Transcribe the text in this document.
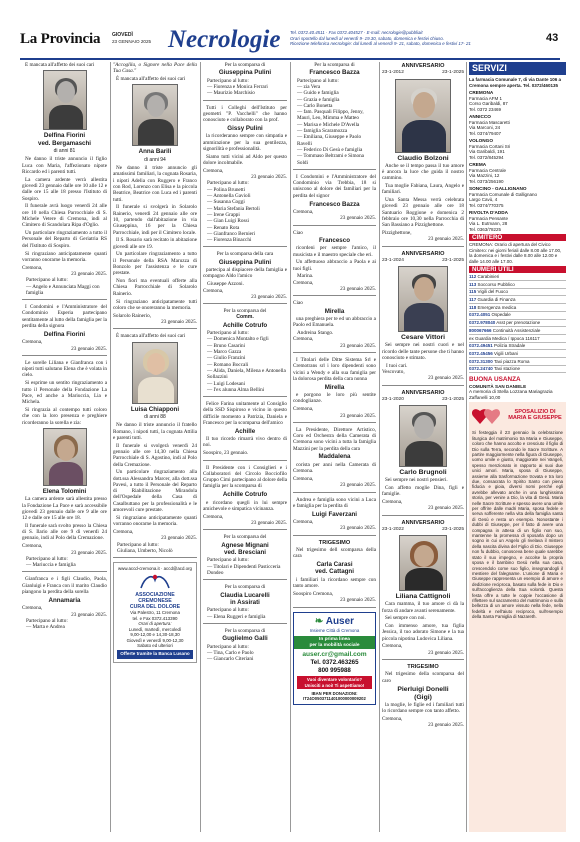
La Provincia GIOVEDÌ
23 GENNAIO 2025 Necrologie Tel. 0372.40.4511 · Fax 0372.404527 · E-mail: necrologie@pubbliait
Orari sportello dal lunedì al venerdì 9- 19.30, sabato, domenica e festivi chiuso.
Ricezione telefonica necrologie: dal lunedì al venerdì 9- 21, sabato, domenica e festivi 17- 21	43

È mancata all'affetto dei suoi cari

Delfina Fiorini
ved. Bergamaschi
di anni 81

Ne danno il triste annuncio il figlio Luca con Maria, l'affezionato nipote Riccardo ed i parenti tutti.

La camera ardente verrà allestita giovedì 23 gennaio dalle ore 10 alle 12 e dalle ore 15 alle 18 presso l'Istituto di Sospiro.

Il funerale avrà luogo venerdì 24 alle ore 10 nella Chiesa Parrocchiale di S. Michele Vetere di Cremona, indi al Cimitero di Scandolara Ripa d'Oglio.

Un particolare ringraziamento a tutto il Personale del Reparto di Geriatria RS del l'Istituto di Sospiro.

Si ringraziano anticipatamente quanti vorranno onorarne la memoria.

Cremona,
23 gennaio 2025.
Partecipano al lutto:
— Angelo e Annunciata Maggi con famiglia

I Condomini e l'Amministratore del Condominio Esperia partecipano sentitamente al lutto della famiglia per la perdita della signora

Delfina Fiorini
Cremona,
23 gennaio 2025.

Le sorelle Liliana e Gianfranca con i nipoti tutti salutano Elena che è volata in cielo.

Si esprime un sentito ringraziamento a tutto il Personale della Fondazione La Pace, ed anche a Mariuccia, Lia e Michela.

Si ringrazia al contempo tutti coloro che con la loro presenza e preghiere ricorderanno la sorella e zia:

Elena Tolomini

La camera ardente sarà allestita presso la Fondazione La Pace e sarà accessibile giovedì 23 gennaio dalle ore 9 alle ore 12 e dalle ore 15 alle ore 18.

Il funerale sarà svolto presso la Chiesa di S. Ilario alle ore 9 di venerdì 24 gennaio, indi al Polo della Cremazione.

Cremona,
23 gennaio 2025.
Partecipano al lutto:
— Mariuccia e famiglia

Gianfranca e i figli Claudio, Paola, Gianluigi e Franca con il marito Claudio piangono la perdita della sorella

Annamaria
Cremona,
23 gennaio 2025.
Partecipano al lutto:
— Marta e Andrea

"Accoglila, o Signore nella Pace della Tua Casa."

È mancata all'affetto dei suoi cari

Anna Barili
di anni 94

Ne danno il triste annuncio gli amatissimi familiari, la cognata Rosaria, i nipoti Adelia con Ruggero e Franco con Rod, Lorenzo con Elisa e la piccola Beatrice, Beatrice con Luca ed i parenti tutti.

Il funerale si svolgerà in Solarolo Rainerio, venerdì 24 gennaio alle ore 10, partendo dall'abitazione in via Giuseppina, 16 per la Chiesa Parrocchiale, indi per il Cimitero locale.

Il S. Rosario sarà recitato in abitazione giovedì alle ore 19.

Un particolare ringraziamento a tutto il Personale della RSA Maruzza di Bonzolo per l'assistenza e le cure prestate.

Non fiori ma eventuali offerte alla Chiesa Parrocchiale di Solarolo Rainerio.

Si ringraziano anticipatamente tutti coloro che se onoreranno la memoria.

Solarolo Rainerio,
23 gennaio 2025.

È mancata all'affetto dei suoi cari

Luisa Chiapponi
di anni 88

Ne danno il triste annuncio il fratello Romano, i nipoti tutti, la cognata Attilia e parenti tutti.

Il funerale si svolgerà venerdì 24 gennaio alle ore 14,30 nella Chiesa Parrocchiale di S. Agostino, indi al Polo della Cremazione.

Un particolare ringraziamento alla dott.ssa Alessandra Marcer, alla dott.ssa Pavesi, a tutto il Personale del Reparto di Riabilitazione Mirandola dell'Ospedale della Casa di Casalbuttano per la professionalità e le amorevoli cure prestate.

Si ringraziano anticipatamente quanti vorranno onorarne la memoria.

Cremona,
23 gennaio 2025.
Partecipano al lutto:
Giuliana, Umberto, Nicolò
www.accd-cremona.it · accd@acd.org
ASSOCIAZIONE
CREMONESE
CURA DEL DOLORE
Via Palestro, 11 Cremona
tel. e Fax 0372.413390
Orari di apertura:
Lunedì, martedì, mercoledì
9,00-12,00 e 14,30-18,30
Giovedì e venerdì 9,00-12,30
Sabato ed ulteriori
Offerte tramite la Banca Lusano
Per la scomparsa di
Giuseppina Pulini
Partecipano al lutto:
— Fiorenza e Monica Ferrari
— Maurizio Marchisio

Tutti i Colleghi dell'Istituto per geometri "P. Vacchelli" che hanno conosciuto e collaborato con la prof.

Gissy Pulini

la ricorderanno sempre con simpatia e ammirazione per la sua gentilezza, signorilità e professionalità.

Siamo tutti vicini ad Aldo per questo dolore incolmabile.

Cremona,
23 gennaio 2025.
Partecipano al lutto:
— Polina Brunetti
— Antonella Gavioli
— Susanna Coggi
— Maria Stefania Bertoli
— Irene Grappi
— Gian Luigi Rossi
— Renato Rota
— Gianfranco Bernieri
— Fiorenza Binacchi
Per la scomparsa della cara
Giuseppina Pulini

partecipa al dispiacere della famiglia e compagno Aldo l'amico

Giuseppe Azzoni.
Cremona,
23 gennaio 2025.
Per la scomparsa del
Comm.
Achille Cotrufo
Partecipano al lutto:
— Domenica Montalto e figli
— Bruno Casarini
— Marco Gazza
— Giulio Franzini
— Romano Boccali
— Alida, Daniela, Milena e Antonella Sollazzini
— Luigi Lodesani
— I'ex alunna Alma Bellini

Felice Farina unitamente al Consiglio della SSD Sispiroso e vicino in questo difficile momento a Patrizia, Daniela e Francesco per la scomparsa dell'amico

Achille

Il tuo ricordo rimarrà vivo dentro di noi.

Soospiro, 23 gennaio.

Il Presidente con i Consiglieri e i Collaboratori del Circolo Bocciofilo Gruppo Cimi partecipano al dolore della famiglia per la scomparsa di

Achille Cotrufo

e ricordano quegli in lui sempre amichevole e simpatica vicinanza.

Cremona,
23 gennaio 2025.
Per la scomparsa del
Agnese Mignani
ved. Bresciani
Partecipano al lutto:
— Titolari e Dipendenti Pasticceria Dondeo
Per la scomparsa di
Claudia Lucarelli
in Assirati
Partecipano al lutto:
— Elena Ruggeri e famiglia
Per la scomparsa di
Guglielmo Galli
Partecipano al lutto:
— Tina, Carlo e Paolo
— Giancarlo Citeriani
Per la scomparsa di
Francesco Bazza
Partecipano al lutto:
— zia Vera
— Guido e famiglia
— Grazia e famiglia
— Carlo Bonetta
— fam. Pasquali Filippo, Jenny, Mauri, Leo, Mimma e Matteo
— Marisa e Michele D'Avella
— famiglia Scaramozza
— Emiliana, Giuseppe e Paolo Ravelli
— Federico Di Gesù e famiglia
— Tommaso Beltrami e Simona Soldi

I Condomini e l'Amministratore del Condominio via Trebbia, 18 si uniscono al dolore dei familiari per la perdita del signor

Francesco Bazza
Cremona,
23 gennaio 2025.
Ciao
Francesco

ricordeni per sempre l'amico, il musicista e il maestro speciale che eri.

Un affettuoso abbraccio a Paola e ai tuoi figli.

Marina.
Cremona,
23 gennaio 2025.
Ciao
Mirella

una preghiera per te ed un abbraccio a Paolo ed Emanuela.

Andreina Stango.
Cremona,
23 gennaio 2025.

I Titolari delle Ditte Sistema Srl e Cremotrans srl i loro dipendenti sono vicini a Wendy e alla sua famiglia per la dolorosa perdita della cara nonna

Mirella

e porgono le loro più sentite condoglianze.

Cremona,
23 gennaio 2025.

La Presidente, Direttore Artistico, Coro ed Orchestra della Camerata di Cremona sono vicini a tutta la famiglia Mazzini per la perdita della cara

Maddalena

corista per anni nella Camerata di Cremona.

Cremona,
23 gennaio 2025.

Andrea e famiglia sono vicini a Luca e famiglia per la perdita di

Luigi Faverzani
Cremona,
23 gennaio 2025.
TRIGESIMO

Nel trigesimo dell scomparsa della cara

Carla Carasi
ved. Cattagni

i familiari la ricordano sempre con tanto amore.

Soospiro Cremona,
23 gennaio 2025.
❧ Auser
Insieme Città di Cremona
In prima linea
per la mobilità sociale
auser.cr@gmail.com
Tel. 0372.463265
800 995988
Vuoi diventare volontario?
Unisciti a noi! Ti aspettiamo!
IBAN PER DONAZIONI:
IT24O0503711401000000009202
ANNIVERSARIO
23-1-2012	23-1-2025
Claudio Bolzoni

Anche se il tempo passa il tuo amore è ancora la luce che guida il nostro cammino.

Tua moglie Fabiana, Laura, Angelo e familiari.

Una Santa Messa verrà celebrata giovedì 23 gennaio alle ore 18 Santuario Roggione e domenica 2 febbraio ore 10,30 nella Parrocchia di San Bassiano a Pizzighettone.

Pizzighettone,
23 gennaio 2025.
ANNIVERSARIO
23-1-2024	23-1-2025
Cesare Vittori

Sei sempre nei nostri cuori e nel ricordo delle tante persone che ti hanno conosciuto e stimato.

I tuoi cari.
Vescovato,
23 gennaio 2025.
ANNIVERSARIO
23-1-2020	23-1-2025
Carlo Brugnoli

Sei sempre nei nostri pensieri.

Con affetto moglie Dina, figli e famiglie.

Cremona,
23 gennaio 2025.
ANNIVERSARIO
23-1-2022	23-1-2025
Liliana Cattignoli

Cara mamma, il tuo amore ci dà la forza di andare avanti serenamente.

Sei sempre con noi.

Con immenso amore, tua figlia Jessica, il tuo adorato Simone e la tua piccola nipotina Ludovica Liliana.

Cremona,
23 gennaio 2025.
TRIGESIMO

Nel trigesimo della scomparsa del caro

Pierluigi Donelli
(Gigi)

la moglie, le figlie ed i familiari tutti lo ricordano sempre con tanto affetto.

Cremona,
23 gennaio 2025.
SERVIZI
La farmacia Comunale 7, di via Dante 106 a Cremona sempre aperta. Tel. 0372/460135
CREMONA
Farmacia AFM 1
Corso Garibaldi, 87
Tel. 0372 23469
ANNICCO
Farmacia Mascaretti
Via Marconi, 24
Tel. 0374/79407
VOLONGO
Farmacia Cortani Sri
Via Garibaldi, 191
Tel. 0372/845294
CREMA
Farmacia Centrale
Via Mazzini, 12
Tel. 0373/256190
SONCINO - GALLIGNANO
Farmacia Comunale di Gallignano
Largo Cavù, 4
Tel. 0374/770375
RIVOLTA D'ADDA
Farmacia Pensante
Via L. Eutmann, 28
Tel. 0363/78225
CIMITERO
CREMONA: Orario di apertura del Civico Cimitero: nei giorni feriali dalle 8.00 alle 17.00, la domenica e i festivi dalle 8.00 alle 12.00 e dalle 14.00 alle 17.00.
NUMERI UTILI
112 Carabinieri
113 Soccorso Pubblico
115 Vigili del Fuoco
117 Guardia di Finanza
118 Emergenza medica
0372.4051 Ospedale
0372.978040 Asst per prenotazione
800067666 Continuità Assistenziale
ex Guardia Medica / Ippoca 116117
0372.49451 Polizia Stradale
0372.45456 Vigili Urbani
0372.31300 Taxi piazza Roma
0372.24740 Taxi stazione
BUONA USANZA
COMUNITÀ SAN DANIELE
A memoria di Stella Lozzana Mariagrazia Zaffanelli 10,00
SPOSALIZIO DI MARIA E GIUSEPPE
Si festeggia il 23 gennaio la celebrazione liturgica del matrimonio tra Maria e Giuseppe, coloro che hanno accolto e cresciuto il figlio di Dio sulla Terra, secondo le Sacre Scritture. A partire maggiormente nella figura di Giuseppe, uomo umile e giusto, maggiorate nei Vangeli, spesso menzionato in rapporto ai suoi due unici amori. Maria, sposa di Giuseppe, assieme alla trasformazione trovata e tra loro due, consacrata lo Spirito Santo con piena fiducia e gioia, diversi nomi perché egli avrebbe allevato anche in una lunghissima storia, per venire a Dio, la vita di Gesù. Maria nelle Sacre Scritture e spesso avere una umile per offrire dalle madri Maria, sposa fedele e serva sofferente nella vita della famiglia santa di Gesù e resta un esempio. Nonostante i dubbi di Giuseppe, per il fatto di avere una compagna in attesa di un figlio non suo, mantenne la promessa di sposarla dopo un sogno in cui un Angelo gli rivelava il mistero della nascita divina del Figlio di Dio. Giuseppe non fu dubbio, conosceva bene quale sarebbe stato il suo impegno, e accolse la propria sposa e il bambino Gesù nella sua casa, crescendolo come suo figlio, insegnandogli il mestiere del falegname. L'unione di Maria e Giuseppe rappresenta un esempio di amore e dedizione reciproca, basato sulla fede in Dio e sull'accoglienza della Sua volontà. Questa festa offre a tutte le coppie l'occasione di riflettere sul sacramento del matrimonio e sulla bellezza di un amore vissuto nella fede, nella fedeltà e nell'aiuto reciproco, sull'esempio della Santa Famiglia di Nazareth.
